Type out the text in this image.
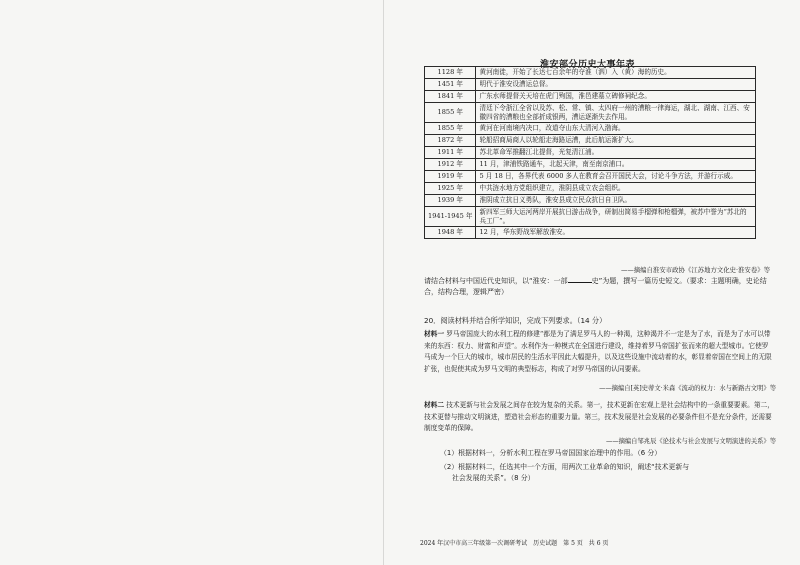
淮安部分历史大事年表
1128 年	黄河南徙，开始了长达七百余年的夺淮（泗）入（黄）海的历史。
1451 年	明代于淮安设漕运总督。
1841 年	广东水师提督关天培在虎门殉国，淮邑建墓立碑修祠纪念。
1855 年	清廷下令浙江全省以及苏、松、常、镇、太四府一州的漕粮一律海运，湖北、湖南、江西、安徽四省的漕粮也全部折成银两，漕运逐渐失去作用。
1855 年	黄河在河南境内决口，改道夺山东大清河入渤海。
1872 年	轮船招商局商人以轮船走海路运漕，此后航运渐扩大。
1911 年	苏北革命军推翻江北提督，光复清江浦。
1912 年	11 月，津浦铁路通车，北起天津，南至南京浦口。
1919 年	5 月 18 日，各界代表 6000 多人在教育会召开国民大会，讨论斗争方法，并游行示威。
1925 年	中共涟水地方党组织建立，淮阴县成立农会组织。
1939 年	淮阴成立抗日义勇队，淮安县成立民众抗日自卫队。
1941-1945 年	新四军三师大运河两岸开展抗日游击战争，研制出简易手榴弹和枪榴弹，被苏中誉为“苏北的兵工厂”。
1948 年	12 月，华东野战军解放淮安。
——摘编自淮安市政协《江苏地方文化史·淮安卷》等
请结合材料与中国近代史知识，以“淮安：一部	史”为题，撰写一篇历史短文。（要求：主题明确，史论结合，结构合理，逻辑严密）
20．阅读材料并结合所学知识，完成下列要求。（14 分）
材料一 罗马帝国庞大的水利工程的修建“都是为了满足罗马人的一种渴，这种渴并不一定是为了水，而是为了水可以带来的东西：权力、财富和声望”。水利作为一种模式在全国进行建设，维持着罗马帝国扩张而来的超大型城市。它使罗马成为一个巨大的城市，城市居民的生活水平因此大幅提升，以及这些设施中流动着的水，彰显着帝国在空间上的无限扩张，也促使其成为罗马文明的典型标志，构成了对罗马帝国的认同要素。
——摘编自[英]史蒂文·米森《流动的权力：水与新路古文明》等
材料二 技术更新与社会发展之间存在较为复杂的关系。第一，技术更新在宏观上是社会结构中的一条重要要素。第二，技术更替与推动文明演进，塑造社会形态的重要力量。第三，技术发展是社会发展的必要条件但不是充分条件，还需要制度变革的保障。
——摘编自邹兆辰《论技术与社会发展与文明演进的关系》等
（1）根据材料一，分析水利工程在罗马帝国国家治理中的作用。（6 分）
（2）根据材料二，任选其中一个方面，用两次工业革命的知识，阐述“技术更新与
社会发展的关系”。（8 分）
2024 年汉中市高三年级第一次调研考试　历史试题　第 5 页　共 6 页
